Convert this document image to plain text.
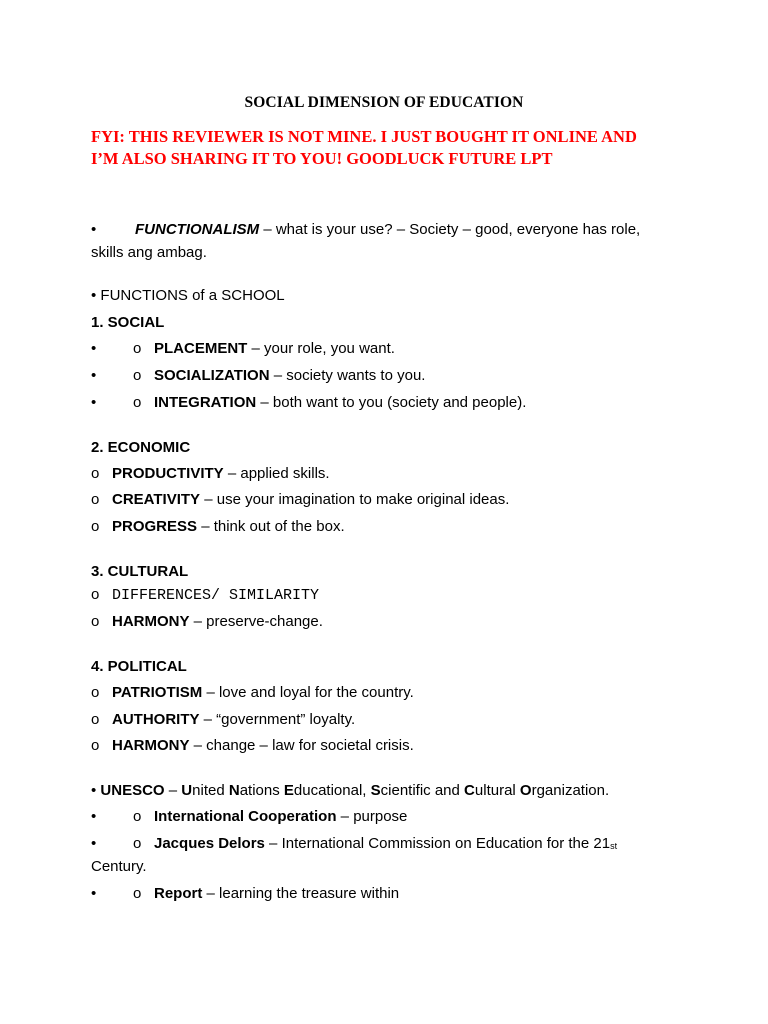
SOCIAL DIMENSION OF EDUCATION
FYI: THIS REVIEWER IS NOT MINE. I JUST BOUGHT IT ONLINE AND
I’M ALSO SHARING IT TO YOU! GOODLUCK FUTURE LPT
•	FUNCTIONALISM – what is your use? – Society – good, everyone has role,
skills ang ambag.
• FUNCTIONS of a SCHOOL
1. SOCIAL
• o PLACEMENT – your role, you want.
• o SOCIALIZATION – society wants to you.
• o INTEGRATION – both want to you (society and people).
2. ECONOMIC
o PRODUCTIVITY – applied skills.
o CREATIVITY – use your imagination to make original ideas.
o PROGRESS – think out of the box.
3. CULTURAL
o DIFFERENCES/ SIMILARITY
o HARMONY – preserve-change.
4. POLITICAL
o PATRIOTISM – love and loyal for the country.
o AUTHORITY – “government” loyalty.
o HARMONY – change – law for societal crisis.
• UNESCO – United Nations Educational, Scientific and Cultural Organization.
• o International Cooperation – purpose
• o Jacques Delors – International Commission on Education for the $21_{st}$
Century.
• o Report – learning the treasure within
